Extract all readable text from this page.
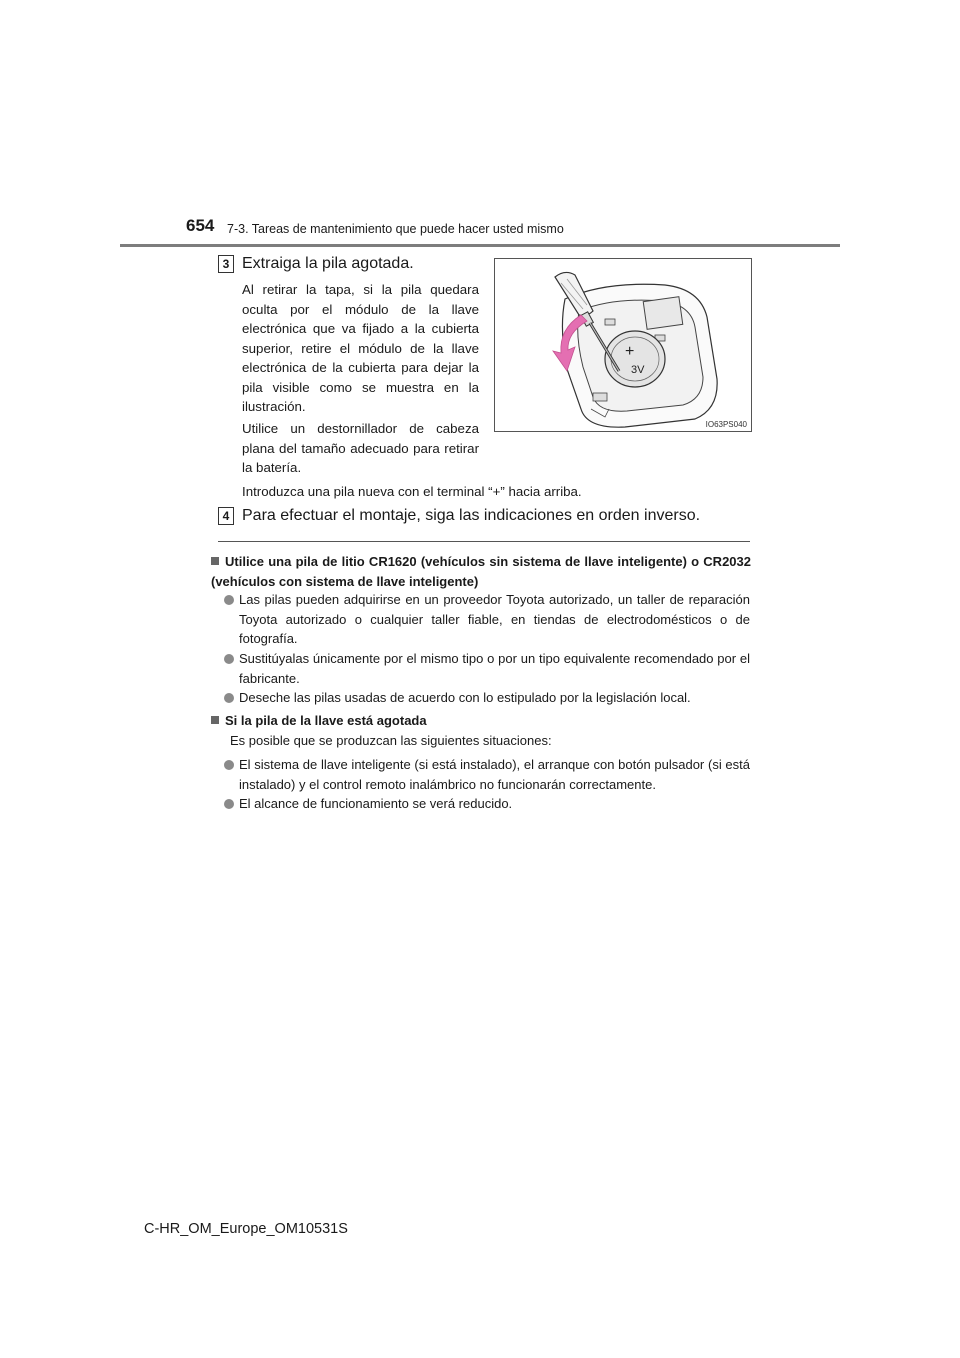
654 7-3. Tareas de mantenimiento que puede hacer usted mismo
3 Extraiga la pila agotada.
Al retirar la tapa, si la pila quedara oculta por el módulo de la llave electrónica que va fijado a la cubierta superior, retire el módulo de la llave electrónica de la cubierta para dejar la pila visible como se muestra en la ilustración.
Utilice un destornillador de cabeza plana del tamaño adecuado para retirar la batería.
Introduzca una pila nueva con el terminal “+” hacia arriba.
+
3V
IO63PS040
4 Para efectuar el montaje, siga las indicaciones en orden inverso.
Utilice una pila de litio CR1620 (vehículos sin sistema de llave inteligente) o CR2032 (vehículos con sistema de llave inteligente)
Las pilas pueden adquirirse en un proveedor Toyota autorizado, un taller de reparación Toyota autorizado o cualquier taller fiable, en tiendas de electrodomésticos o de fotografía.
Sustitúyalas únicamente por el mismo tipo o por un tipo equivalente recomendado por el fabricante.
Deseche las pilas usadas de acuerdo con lo estipulado por la legislación local.
Si la pila de la llave está agotada
Es posible que se produzcan las siguientes situaciones:
El sistema de llave inteligente (si está instalado), el arranque con botón pulsador (si está instalado) y el control remoto inalámbrico no funcionarán correctamente.
El alcance de funcionamiento se verá reducido.
C-HR_OM_Europe_OM10531S
